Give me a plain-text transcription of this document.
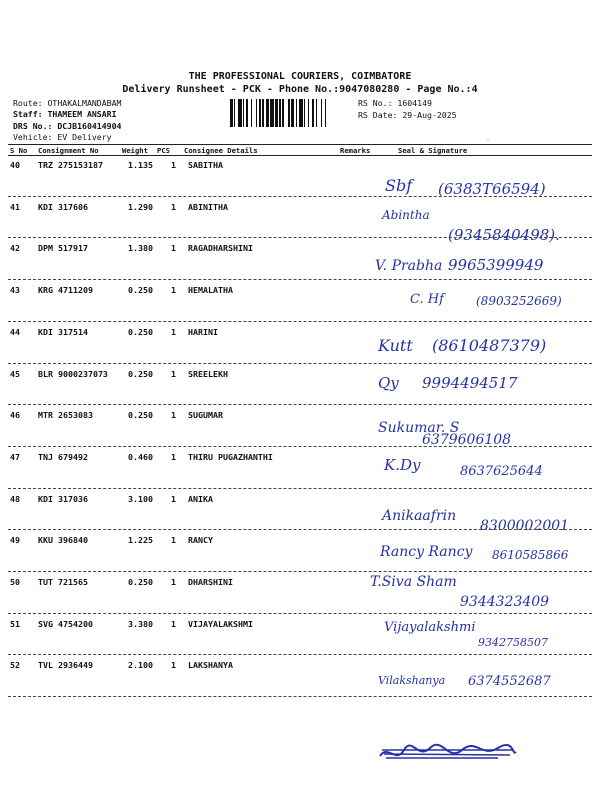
THE PROFESSIONAL COURIERS, COIMBATORE
Delivery Runsheet - PCK - Phone No.:9047080280 - Page No.:4
Route: OTHAKALMANDABAM
Staff: THAMEEM ANSARI
DRS No.: DCJB160414904
Vehicle: EV Delivery
RS No.: 1604149
RS Date: 29-Aug-2025
◦
S No Consignment No	Weight PCS Consignee Details	Remarks	Seal & Signature
40 TRZ 275153187	1.135 1 SABITHA
Sbf (6383T66594)
41 KDI 317606	1.290 1 ABINITHA
Abintha
(9345840498).
42 DPM 517917	1.380 1 RAGADHARSHINI
V. Prabha 9965399949
43 KRG 4711209	0.250 1 HEMALATHA
C. Hf	(8903252669)
44 KDI 317514	0.250 1 HARINI
Kutt (8610487379)
45 BLR 9000237073 0.250 1 SREELEKH
Qy 9994494517
46 MTR 2653083	0.250 1 SUGUMAR
Sukumar. S
6379606108
47 TNJ 679492	0.460 1 THIRU PUGAZHANTHI	K.Dy	8637625644
48 KDI 317036	3.100 1 ANIKA
Anikaafrin
8300002001
49 KKU 396840	1.225 1 RANCY
Rancy Rancy 8610585866
50 TUT 721565	0.250 1 DHARSHINI	T.Siva Sham
9344323409
51 SVG 4754200	3.380 1 VIJAYALAKSHMI	Vijayalakshmi
9342758507
52 TVL 2936449	2.100 1 LAKSHANYA
Vilakshanya 6374552687
